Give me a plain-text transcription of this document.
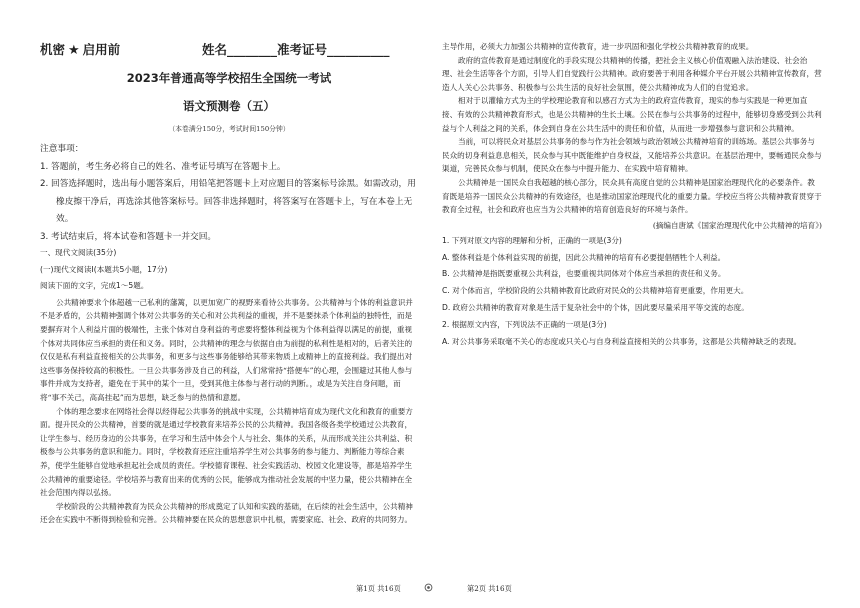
机密 ★ 启用前	姓名________准考证号__________
2023年普通高等学校招生全国统一考试
语文预测卷（五）
（本卷满分150分，考试时间150分钟）

注意事项：

1. 答题前，考生务必将自己的姓名、准考证号填写在答题卡上。

2. 回答选择题时，选出每小题答案后，用铅笔把答题卡上对应题目的答案标号涂黑。如需改动，用

橡皮擦干净后，再选涂其他答案标号。回答非选择题时，将答案写在答题卡上，写在本卷上无效。

3. 考试结束后，将本试卷和答题卡一并交回。

一、现代文阅读(35分)

(一)现代文阅读Ⅰ(本题共5小题，17分)

阅读下面的文字，完成1～5题。

公共精神要求个体超越一己私利的藩篱，以更加宽广的视野来看待公共事务。公共精神与个体的利益意识并不是矛盾的，公共精神强调个体对公共事务的关心和对公共利益的重视，并不是要抹杀个体利益的独特性，而是要摒弃对个人利益片面的极端性，主张个体对自身利益的考虑要将整体利益视为个体利益得以满足的前提，重视个体对共同体应当承担的责任和义务。同时，公共精神的理念与依据自由为前提的私利性是相对的，后者关注的仅仅是私有利益直接相关的公共事务，和更多与这些事务能够给其带来物质上或精神上的直接利益。我们提出对这些事务保持较高的积极性。一旦公共事务涉及自己的利益，人们常常持“搭便车”的心理，会围避过其他人参与事件并成为支持者，避免在于其中的某个一旦，受到其他主体参与者行动的判断。，或是为关注自身问题，而将“事不关己，高高挂起”而为思想，缺乏参与的热情和意愿。

个体的理念要求在网络社会得以经得起公共事务的挑战中实现，公共精神培育成为现代文化和教育的重要方面。提升民众的公共精神，首要的就是通过学校教育来培养公民的公共精神。我国各级各类学校通过公共教育，让学生参与、经历身边的公共事务，在学习和生活中体会个人与社会、集体的关系，从而形成关注公共利益、积极参与公共事务的意识和能力。同时，学校教育还应注重培养学生对公共事务的参与能力、判断能力等综合素养，使学生能够自觉地承担起社会成员的责任。学校德育课程、社会实践活动、校园文化建设等，都是培养学生公共精神的重要途径。学校培养与教育出来的优秀的公民，能够成为推动社会发展的中坚力量，使公共精神在全社会范围内得以弘扬。

学校阶段的公共精神教育为民众公共精神的形成奠定了认知和实践的基础，在后续的社会生活中，公共精神还会在实践中不断得到检验和完善。公共精神要在民众的思想意识中扎根，需要家庭、社会、政府的共同努力。

主导作用，必须大力加强公共精神的宣传教育，进一步巩固和强化学校公共精神教育的成果。

政府的宣传教育是通过制度化的手段实现公共精神的传播，把社会主义核心价值观融入法治建设、社会治理、社会生活等各个方面，引导人们自觉践行公共精神。政府要善于利用各种媒介平台开展公共精神宣传教育，营造人人关心公共事务、积极参与公共生活的良好社会氛围，使公共精神成为人们的自觉追求。

相对于以灌输方式为主的学校理论教育和以感召方式为主的政府宣传教育，现实的参与实践是一种更加直接、有效的公共精神教育形式，也是公共精神的生长土壤。公民在参与公共事务的过程中，能够切身感受到公共利益与个人利益之间的关系，体会到自身在公共生活中的责任和价值，从而进一步增强参与意识和公共精神。

当前，可以将民众对基层公共事务的参与作为社会领域与政治领域公共精神培育的训练场。基层公共事务与民众的切身利益息息相关，民众参与其中既能维护自身权益，又能培养公共意识。在基层治理中，要畅通民众参与渠道，完善民众参与机制，使民众在参与中提升能力、在实践中培育精神。

公共精神是一国民众自我超越的核心部分，民众具有高度自觉的公共精神是国家治理现代化的必要条件。教育既是培养一国民众公共精神的有效途径，也是推动国家治理现代化的重要力量。学校应当将公共精神教育贯穿于教育全过程，社会和政府也应当为公共精神的培育创造良好的环境与条件。

(摘编自唐斌《国家治理现代化中公共精神的培育》)

1. 下列对原文内容的理解和分析，正确的一项是(3分)

A. 整体利益是个体利益实现的前提，因此公共精神的培育有必要提倡牺牲个人利益。

B. 公共精神是指既要重视公共利益，也要重视共同体对个体应当承担的责任和义务。

C. 对个体而言，学校阶段的公共精神教育比政府对民众的公共精神培育更重要，作用更大。

D. 政府公共精神的教育对象是生活于复杂社会中的个体，因此要尽量采用平等交流的态度。

2. 根据原文内容，下列说法不正确的一项是(3分)

A. 对公共事务采取毫不关心的态度或只关心与自身利益直接相关的公共事务，这都是公共精神缺乏的表现。

第1页 共16页	第2页 共16页
